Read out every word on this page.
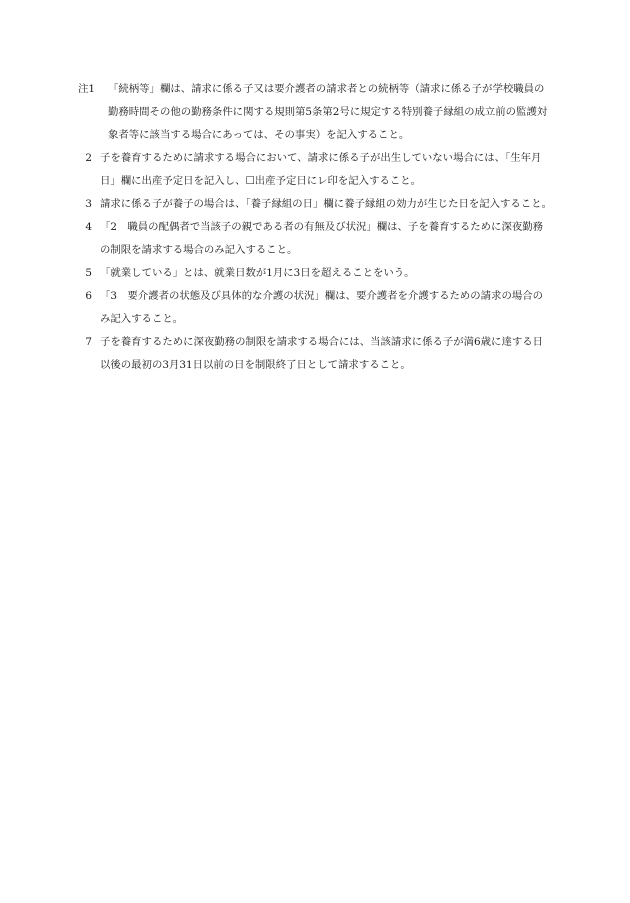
注1	「続柄等」欄は、請求に係る子又は要介護者の請求者との続柄等（請求に係る子が学校職員の勤務時間その他の勤務条件に関する規則第5条第2号に規定する特別養子縁組の成立前の監護対象者等に該当する場合にあっては、その事実）を記入すること。
2 子を養育するために請求する場合において、請求に係る子が出生していない場合には、「生年月日」欄に出産予定日を記入し、☐出産予定日にレ印を記入すること。
3 請求に係る子が養子の場合は、「養子縁組の日」欄に養子縁組の効力が生じた日を記入すること。
4 「2　職員の配偶者で当該子の親である者の有無及び状況」欄は、子を養育するために深夜勤務の制限を請求する場合のみ記入すること。
5 「就業している」とは、就業日数が1月に3日を超えることをいう。
6 「3　要介護者の状態及び具体的な介護の状況」欄は、要介護者を介護するための請求の場合のみ記入すること。
7 子を養育するために深夜勤務の制限を請求する場合には、当該請求に係る子が満6歳に達する日以後の最初の3月31日以前の日を制限終了日として請求すること。
